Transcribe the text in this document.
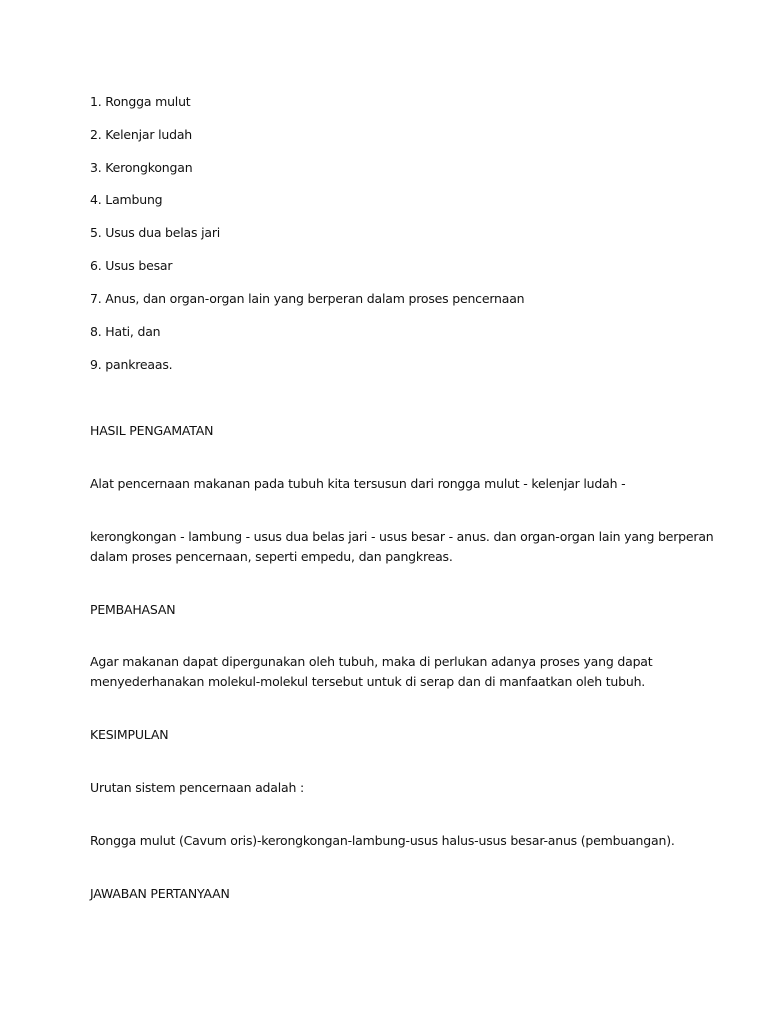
1. Rongga mulut
2. Kelenjar ludah
3. Kerongkongan
4. Lambung
5. Usus dua belas jari
6. Usus besar
7. Anus, dan organ-organ lain yang berperan dalam proses pencernaan
8. Hati, dan
9. pankreaas.
HASIL PENGAMATAN
Alat pencernaan makanan pada tubuh kita tersusun dari rongga mulut - kelenjar ludah -
kerongkongan - lambung - usus dua belas jari - usus besar - anus. dan organ-organ lain yang berperan
dalam proses pencernaan, seperti empedu, dan pangkreas.
PEMBAHASAN
Agar makanan dapat dipergunakan oleh tubuh, maka di perlukan adanya proses yang dapat
menyederhanakan molekul-molekul tersebut untuk di serap dan di manfaatkan oleh tubuh.
KESIMPULAN
Urutan sistem pencernaan adalah :
Rongga mulut (Cavum oris)-kerongkongan-lambung-usus halus-usus besar-anus (pembuangan).
JAWABAN PERTANYAAN
